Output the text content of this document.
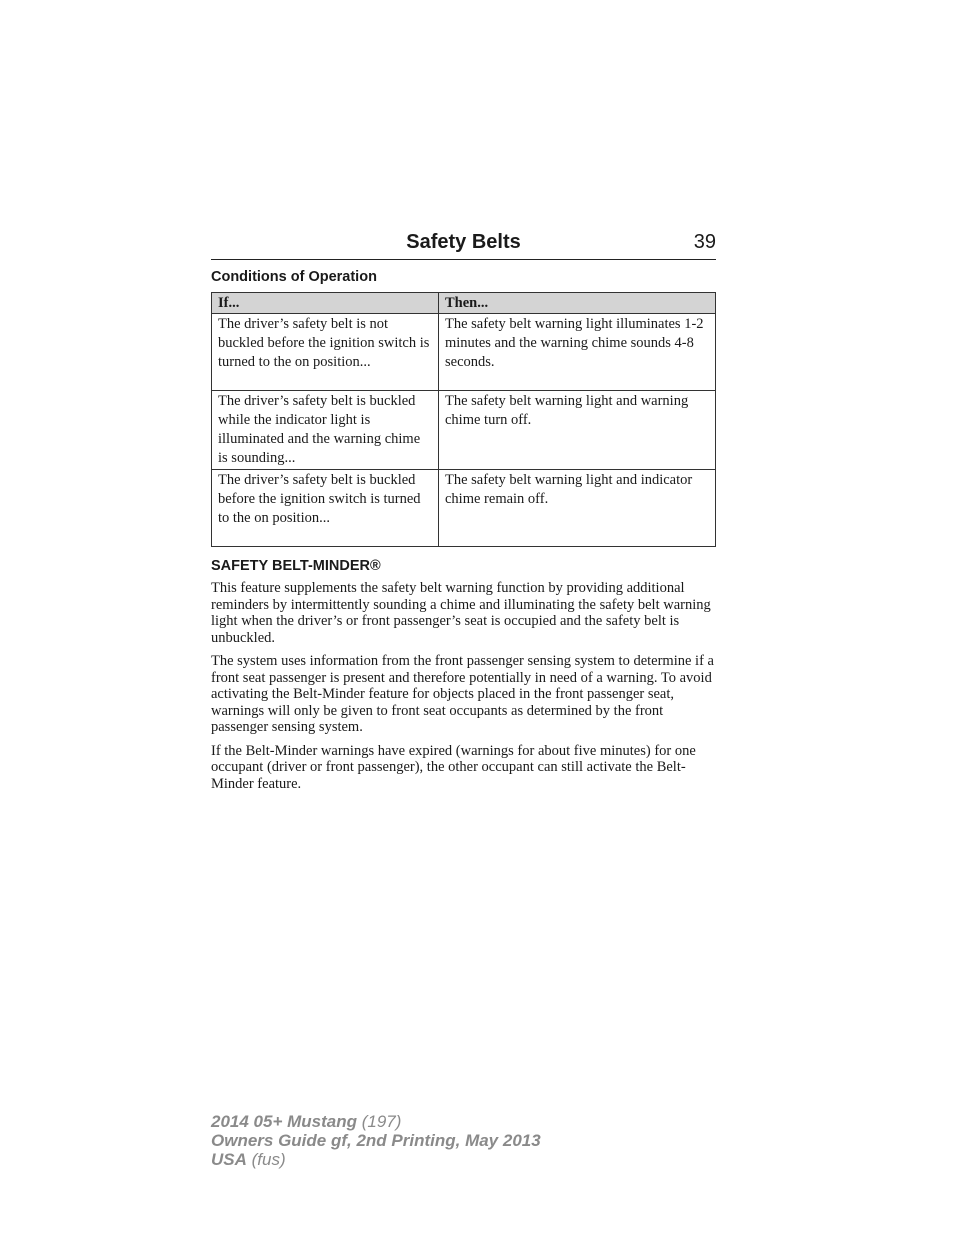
Safety Belts	39
Conditions of Operation
If...	Then...
The driver’s safety belt is not buckled before the ignition switch is turned to the on position...	The safety belt warning light illuminates 1-2 minutes and the warning chime sounds 4-8 seconds.
The driver’s safety belt is buckled while the indicator light is illuminated and the warning chime is sounding...	The safety belt warning light and warning chime turn off.
The driver’s safety belt is buckled before the ignition switch is turned to the on position...	The safety belt warning light and indicator chime remain off.
SAFETY BELT-MINDER®

This feature supplements the safety belt warning function by providing additional reminders by intermittently sounding a chime and illuminating the safety belt warning light when the driver’s or front passenger’s seat is occupied and the safety belt is unbuckled.

The system uses information from the front passenger sensing system to determine if a front seat passenger is present and therefore potentially in need of a warning. To avoid activating the Belt-Minder feature for objects placed in the front passenger seat, warnings will only be given to front seat occupants as determined by the front passenger sensing system.

If the Belt-Minder warnings have expired (warnings for about five minutes) for one occupant (driver or front passenger), the other occupant can still activate the Belt-Minder feature.

2014 05+ Mustang (197)
Owners Guide gf, 2nd Printing, May 2013
USA (fus)
